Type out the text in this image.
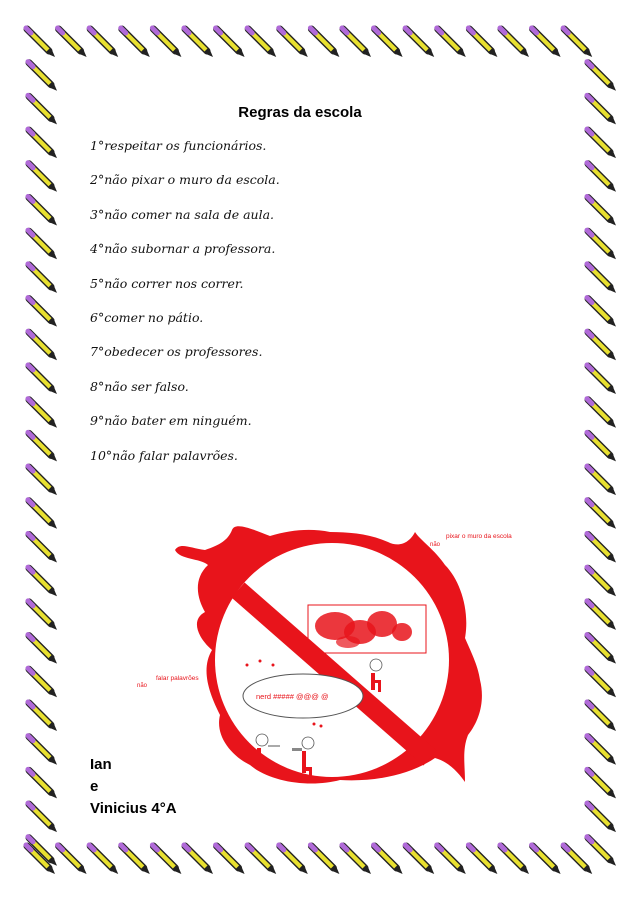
Regras da escola
1°respeitar os funcionários.
2°não pixar o muro da escola.
3°não comer na sala de aula.
4°não subornar a professora.
5°não correr nos correr.
6°comer no pátio.
7°obedecer os professores.
8°não ser falso.
9°não bater em ninguém.
10°não falar palavrões.
não
pixar o muro da escola
não
falar palavrões
nerd ##### @@@ @
Ian
e
Vinicius 4°A
